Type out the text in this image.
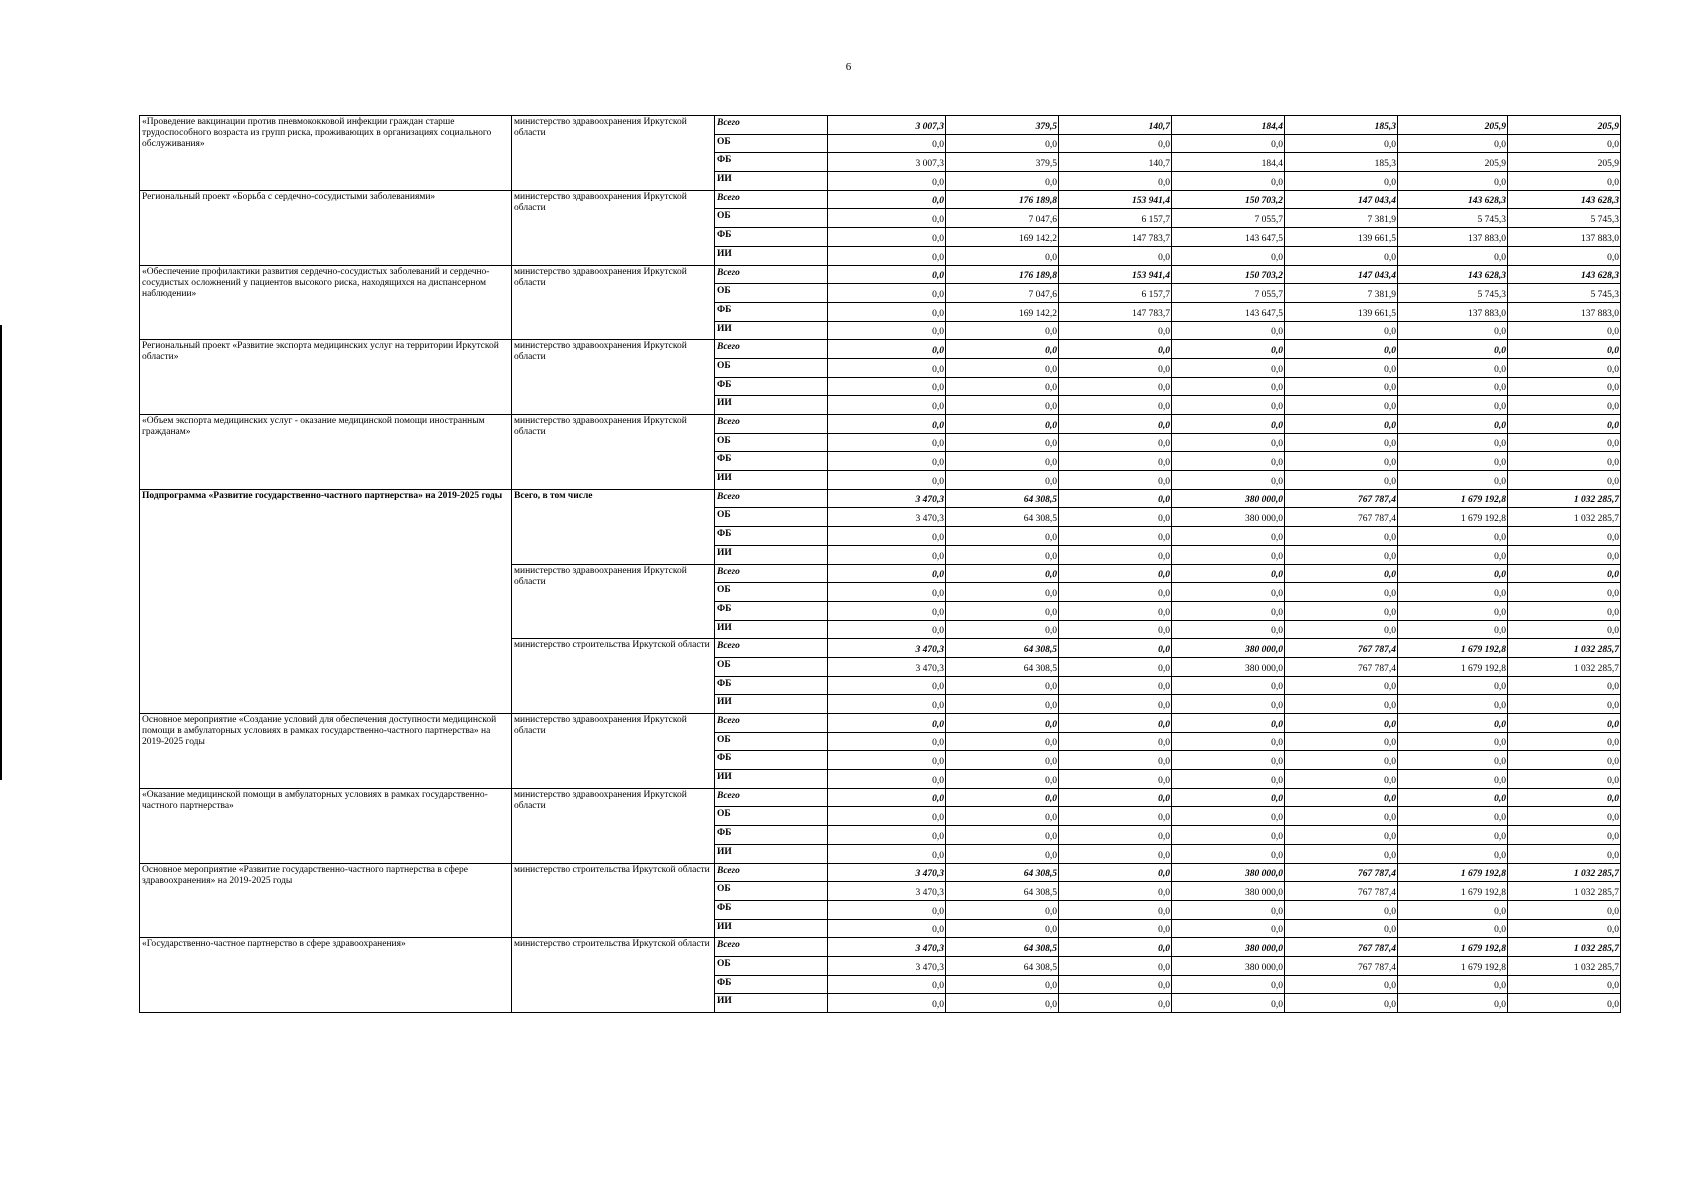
6
«Проведение вакцинации против пневмококковой инфекции граждан старше трудоспособного возраста из групп риска, проживающих в организациях социального обслуживания»	министерство здравоохранения Иркутской области	Всего	3 007,3	379,5	140,7	184,4	185,3	205,9	205,9
		ОБ	0,0	0,0	0,0	0,0	0,0	0,0	0,0
		ФБ	3 007,3	379,5	140,7	184,4	185,3	205,9	205,9
		ИИ	0,0	0,0	0,0	0,0	0,0	0,0	0,0
Региональный проект «Борьба с сердечно-сосудистыми заболеваниями»	министерство здравоохранения Иркутской области	Всего	0,0	176 189,8	153 941,4	150 703,2	147 043,4	143 628,3	143 628,3
		ОБ	0,0	7 047,6	6 157,7	7 055,7	7 381,9	5 745,3	5 745,3
		ФБ	0,0	169 142,2	147 783,7	143 647,5	139 661,5	137 883,0	137 883,0
		ИИ	0,0	0,0	0,0	0,0	0,0	0,0	0,0
«Обеспечение профилактики развития сердечно-сосудистых заболеваний и сердечно-сосудистых осложнений у пациентов высокого риска, находящихся на диспансерном наблюдении»	министерство здравоохранения Иркутской области	Всего	0,0	176 189,8	153 941,4	150 703,2	147 043,4	143 628,3	143 628,3
		ОБ	0,0	7 047,6	6 157,7	7 055,7	7 381,9	5 745,3	5 745,3
		ФБ	0,0	169 142,2	147 783,7	143 647,5	139 661,5	137 883,0	137 883,0
		ИИ	0,0	0,0	0,0	0,0	0,0	0,0	0,0
Региональный проект «Развитие экспорта медицинских услуг на территории Иркутской области»	министерство здравоохранения Иркутской области	Всего	0,0	0,0	0,0	0,0	0,0	0,0	0,0
		ОБ	0,0	0,0	0,0	0,0	0,0	0,0	0,0
		ФБ	0,0	0,0	0,0	0,0	0,0	0,0	0,0
		ИИ	0,0	0,0	0,0	0,0	0,0	0,0	0,0
«Объем экспорта медицинских услуг - оказание медицинской помощи иностранным гражданам»	министерство здравоохранения Иркутской области	Всего	0,0	0,0	0,0	0,0	0,0	0,0	0,0
		ОБ	0,0	0,0	0,0	0,0	0,0	0,0	0,0
		ФБ	0,0	0,0	0,0	0,0	0,0	0,0	0,0
		ИИ	0,0	0,0	0,0	0,0	0,0	0,0	0,0
Подпрограмма «Развитие государственно-частного партнерства» на 2019-2025 годы	Всего, в том числе	Всего	3 470,3	64 308,5	0,0	380 000,0	767 787,4	1 679 192,8	1 032 285,7
		ОБ	3 470,3	64 308,5	0,0	380 000,0	767 787,4	1 679 192,8	1 032 285,7
		ФБ	0,0	0,0	0,0	0,0	0,0	0,0	0,0
		ИИ	0,0	0,0	0,0	0,0	0,0	0,0	0,0
	министерство здравоохранения Иркутской области	Всего	0,0	0,0	0,0	0,0	0,0	0,0	0,0
		ОБ	0,0	0,0	0,0	0,0	0,0	0,0	0,0
		ФБ	0,0	0,0	0,0	0,0	0,0	0,0	0,0
		ИИ	0,0	0,0	0,0	0,0	0,0	0,0	0,0
	министерство строительства Иркутской области	Всего	3 470,3	64 308,5	0,0	380 000,0	767 787,4	1 679 192,8	1 032 285,7
		ОБ	3 470,3	64 308,5	0,0	380 000,0	767 787,4	1 679 192,8	1 032 285,7
		ФБ	0,0	0,0	0,0	0,0	0,0	0,0	0,0
		ИИ	0,0	0,0	0,0	0,0	0,0	0,0	0,0
Основное мероприятие «Создание условий для обеспечения доступности медицинской помощи в амбулаторных условиях в рамках государственно-частного партнерства» на 2019-2025 годы	министерство здравоохранения Иркутской области	Всего	0,0	0,0	0,0	0,0	0,0	0,0	0,0
		ОБ	0,0	0,0	0,0	0,0	0,0	0,0	0,0
		ФБ	0,0	0,0	0,0	0,0	0,0	0,0	0,0
		ИИ	0,0	0,0	0,0	0,0	0,0	0,0	0,0
«Оказание медицинской помощи в амбулаторных условиях в рамках государственно-частного партнерства»	министерство здравоохранения Иркутской области	Всего	0,0	0,0	0,0	0,0	0,0	0,0	0,0
		ОБ	0,0	0,0	0,0	0,0	0,0	0,0	0,0
		ФБ	0,0	0,0	0,0	0,0	0,0	0,0	0,0
		ИИ	0,0	0,0	0,0	0,0	0,0	0,0	0,0
Основное мероприятие «Развитие государственно-частного партнерства в сфере здравоохранения» на 2019-2025 годы	министерство строительства Иркутской области	Всего	3 470,3	64 308,5	0,0	380 000,0	767 787,4	1 679 192,8	1 032 285,7
		ОБ	3 470,3	64 308,5	0,0	380 000,0	767 787,4	1 679 192,8	1 032 285,7
		ФБ	0,0	0,0	0,0	0,0	0,0	0,0	0,0
		ИИ	0,0	0,0	0,0	0,0	0,0	0,0	0,0
«Государственно-частное партнерство в сфере здравоохранения»	министерство строительства Иркутской области	Всего	3 470,3	64 308,5	0,0	380 000,0	767 787,4	1 679 192,8	1 032 285,7
		ОБ	3 470,3	64 308,5	0,0	380 000,0	767 787,4	1 679 192,8	1 032 285,7
		ФБ	0,0	0,0	0,0	0,0	0,0	0,0	0,0
		ИИ	0,0	0,0	0,0	0,0	0,0	0,0	0,0
